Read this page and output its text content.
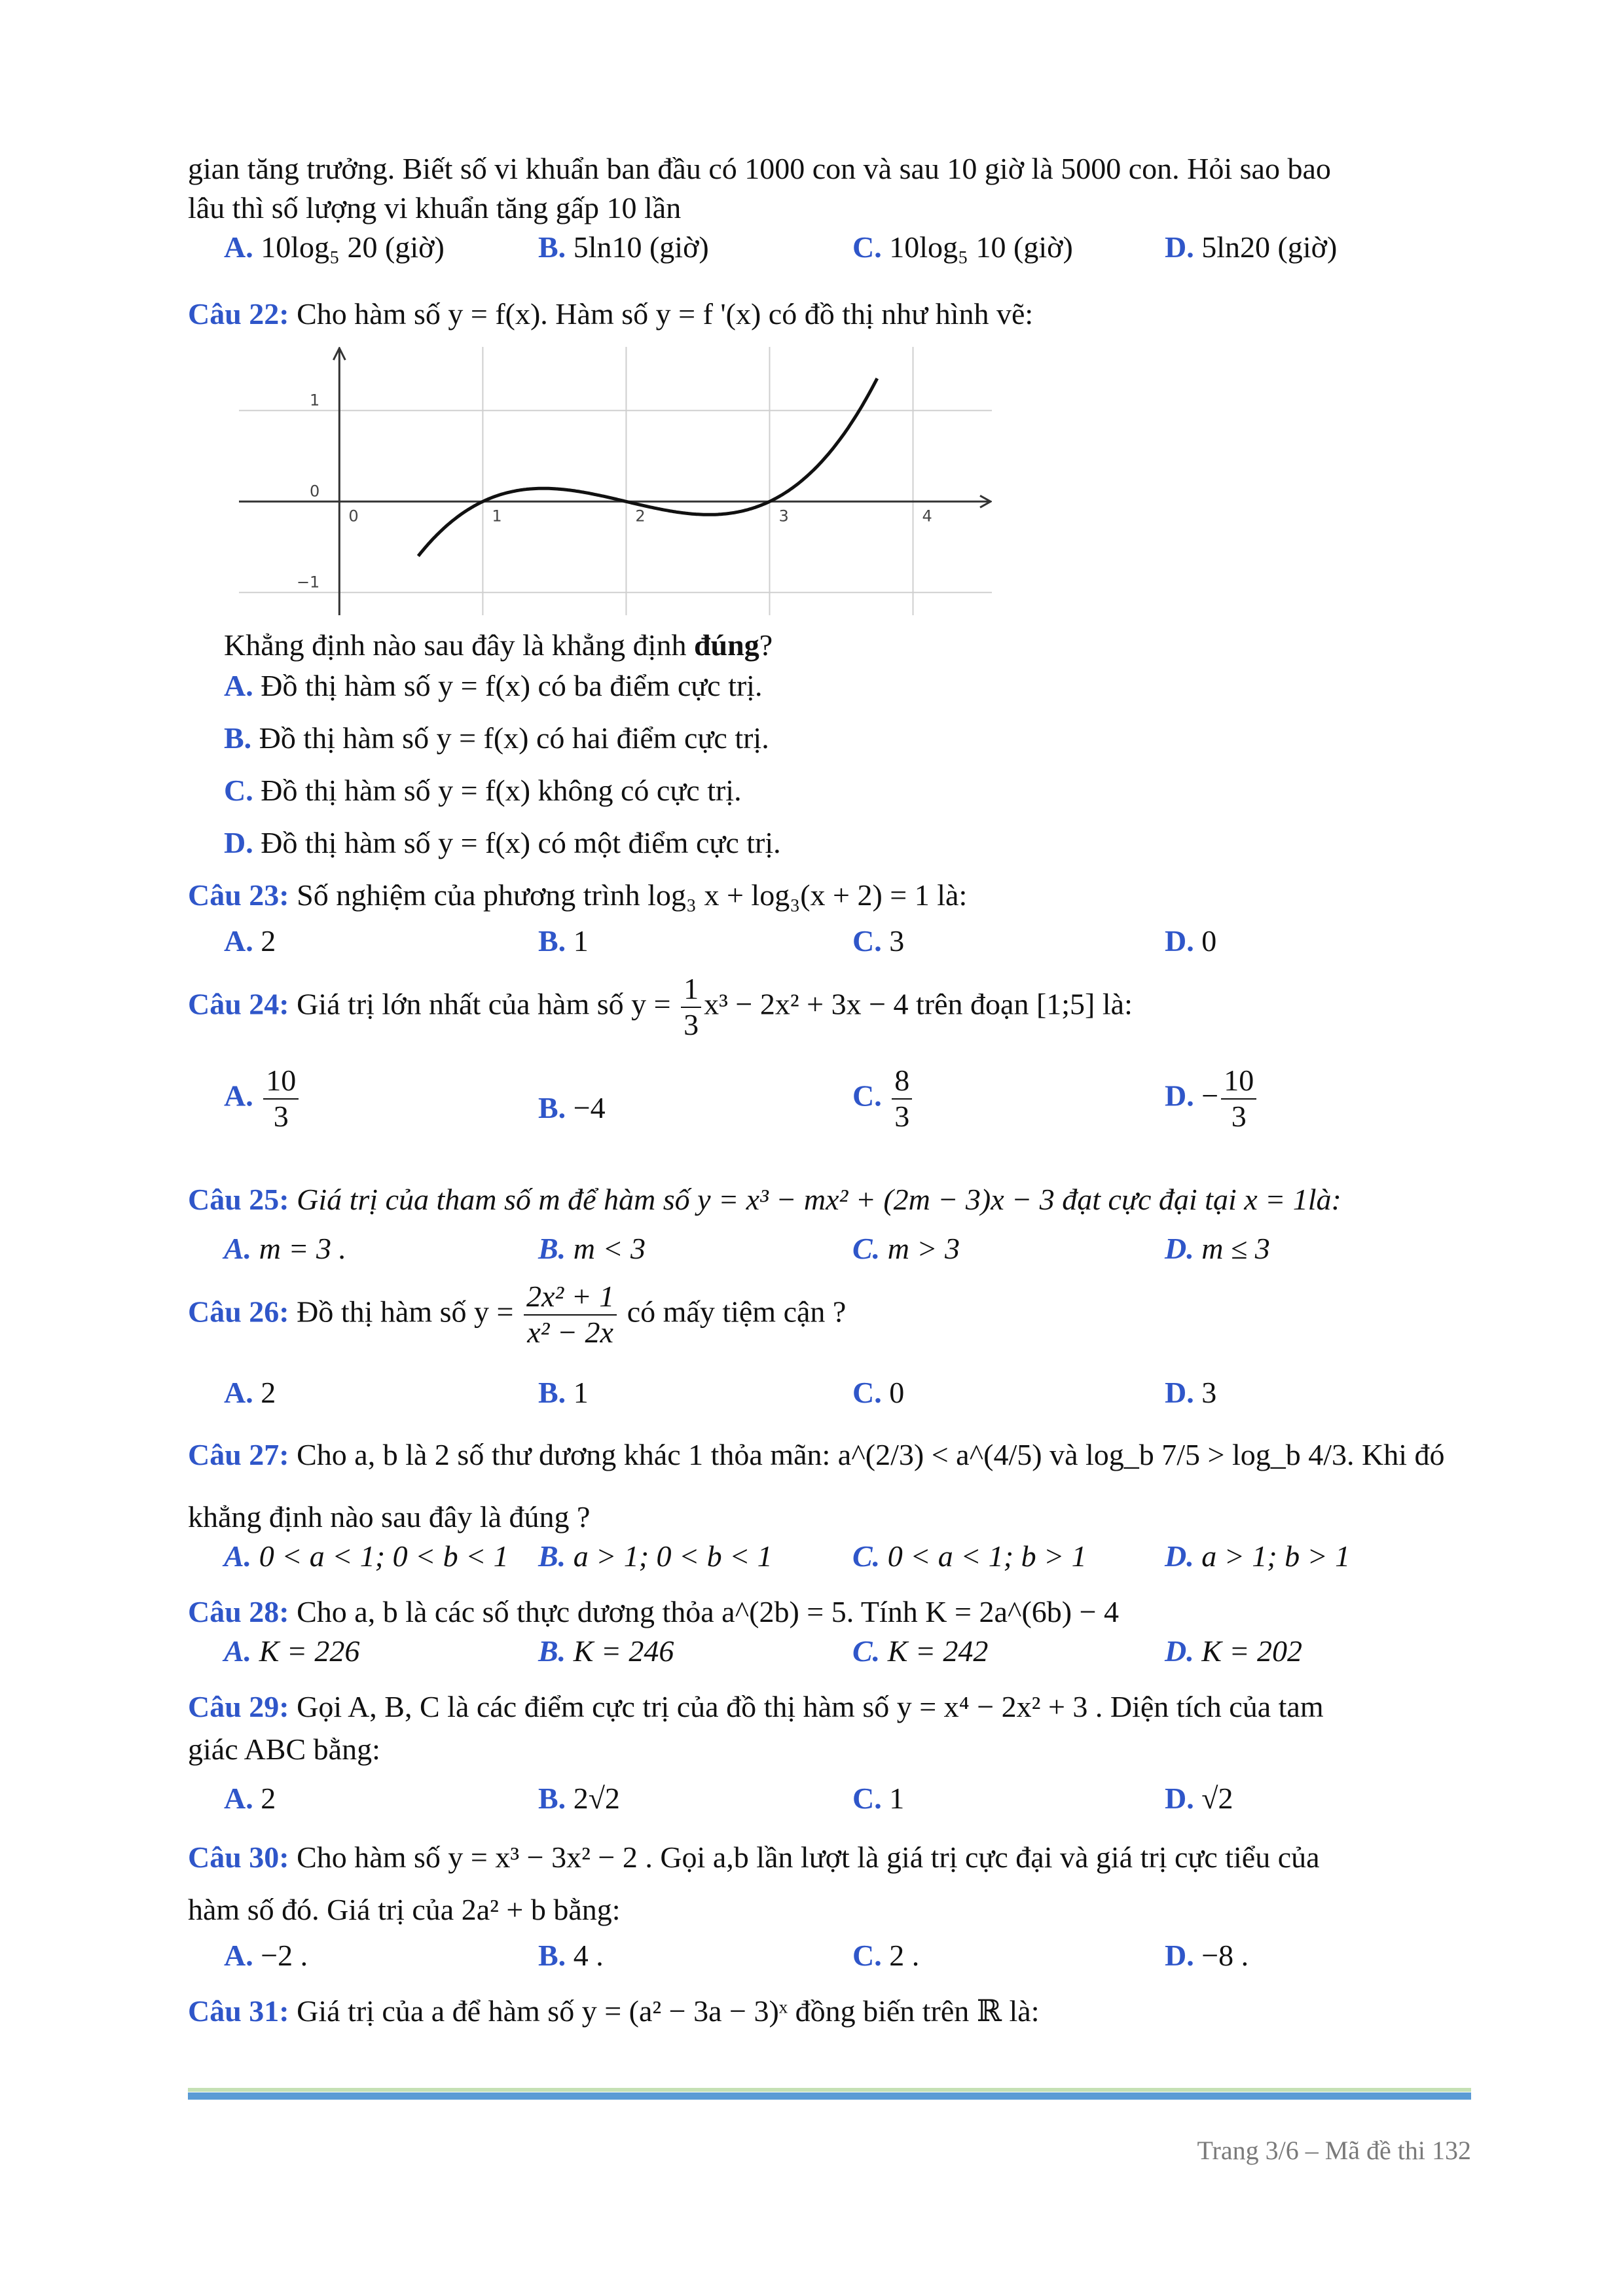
gian tăng trưởng. Biết số vi khuẩn ban đầu có 1000 con và sau 10 giờ là 5000 con. Hỏi sao bao
lâu thì số lượng vi khuẩn tăng gấp 10 lần
A. 10log₅ 20 (giờ)	B. 5ln10 (giờ)	C. 10log₅ 10 (giờ)	D. 5ln20 (giờ)
Câu 22: Cho hàm số y = f(x). Hàm số y = f '(x) có đồ thị như hình vẽ:
0	1	2	3	4
1
0
−1
Khẳng định nào sau đây là khẳng định đúng?
A. Đồ thị hàm số y = f(x) có ba điểm cực trị.
B. Đồ thị hàm số y = f(x) có hai điểm cực trị.
C. Đồ thị hàm số y = f(x) không có cực trị.
D. Đồ thị hàm số y = f(x) có một điểm cực trị.
Câu 23: Số nghiệm của phương trình log₃ x + log₃(x + 2) = 1 là:
A. 2	B. 1	C. 3	D. 0
Câu 24: Giá trị lớn nhất của hàm số $y = \frac{1}{3} x^3 - 2x^2 + 3x - 4$ trên đoạn [1;5] là:
A. $\frac{10}{3}$	B. −4	C. $\frac{8}{3}$	D. − $\frac{10}{3}$
Câu 25: Giá trị của tham số m để hàm số y = x³ − mx² + (2m − 3)x − 3 đạt cực đại tại x = 1là:
A. m = 3 .	B. m < 3	C. m > 3	D. m ≤ 3
Câu 26: Đồ thị hàm số $y = \frac{\text{2x² + 1}}{\text{x² − 2x}}$ có mấy tiệm cận ?
A. 2	B. 1	C. 0	D. 3
Câu 27: Cho a, b là 2 số thư dương khác 1 thỏa mãn: a^(2/3) < a^(4/5) và log_b 7/5 > log_b 4/3. Khi đó
khẳng định nào sau đây là đúng ?
A. 0 < a < 1; 0 < b < 1 B. a > 1; 0 < b < 1	C. 0 < a < 1; b > 1	D. a > 1; b > 1
Câu 28: Cho a, b là các số thực dương thỏa a^(2b) = 5. Tính K = 2a^(6b) − 4
A. K = 226	B. K = 246	C. K = 242	D. K = 202
Câu 29: Gọi A, B, C là các điểm cực trị của đồ thị hàm số y = x⁴ − 2x² + 3 . Diện tích của tam
giác ABC bằng:
A. 2	B. 2√2	C. 1	D. √2
Câu 30: Cho hàm số y = x³ − 3x² − 2 . Gọi a,b lần lượt là giá trị cực đại và giá trị cực tiểu của
hàm số đó. Giá trị của 2a² + b bằng:
A. −2 .	B. 4 .	C. 2 .	D. −8 .
Câu 31: Giá trị của a để hàm số y = (a² − 3a − 3)ˣ đồng biến trên ℝ là:
Trang 3/6 – Mã đề thi 132
